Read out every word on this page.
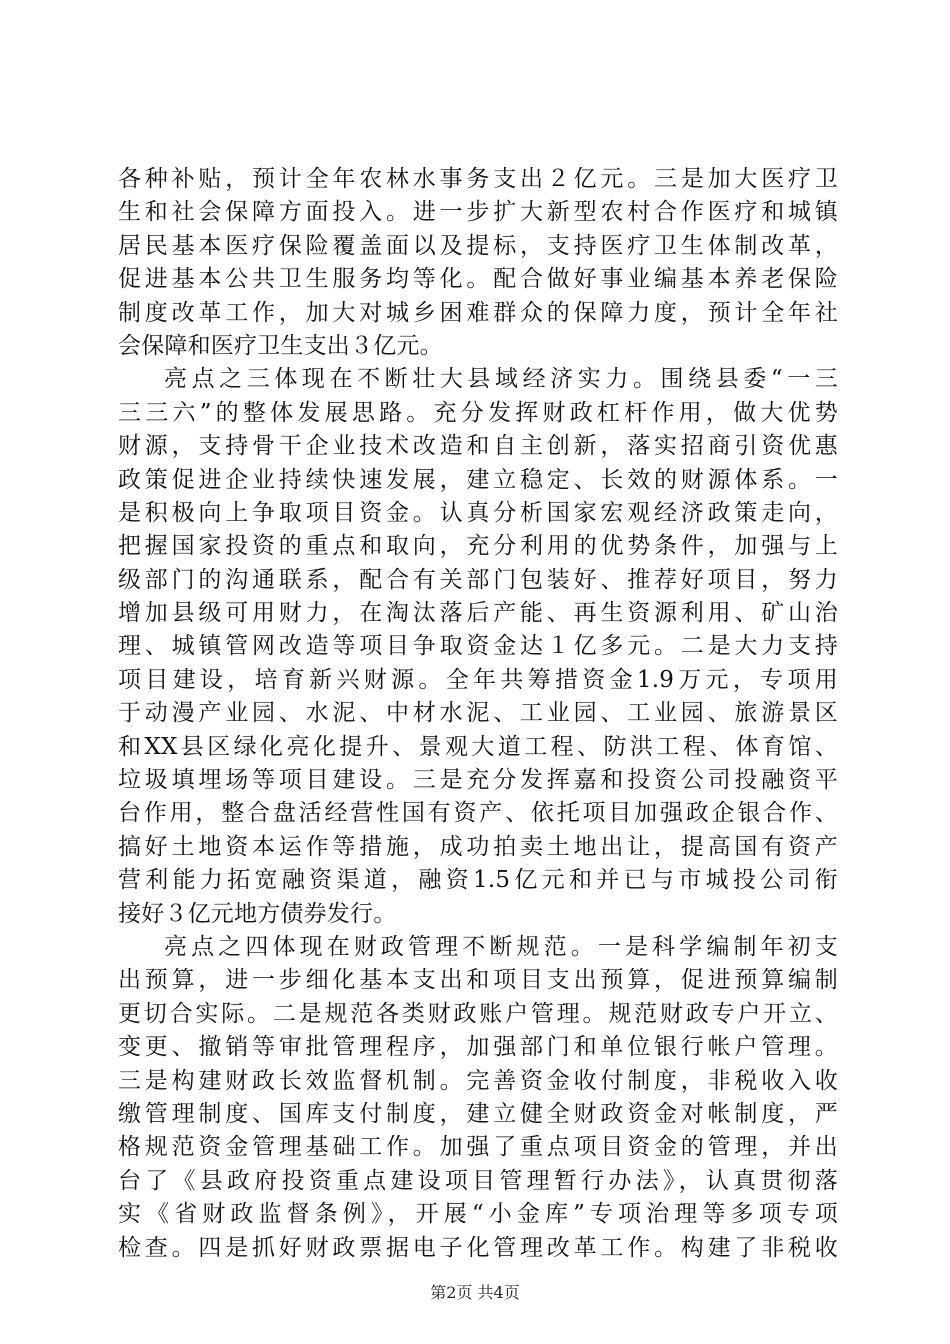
各种补贴，预计全年农林水事务支出２亿元。三是加大医疗卫
生和社会保障方面投入。进一步扩大新型农村合作医疗和城镇
居民基本医疗保险覆盖面以及提标，支持医疗卫生体制改革，
促进基本公共卫生服务均等化。配合做好事业编基本养老保险
制度改革工作，加大对城乡困难群众的保障力度，预计全年社
会保障和医疗卫生支出３亿元。
亮点之三体现在不断壮大县域经济实力。围绕县委“一三
三三六”的整体发展思路。充分发挥财政杠杆作用，做大优势
财源，支持骨干企业技术改造和自主创新，落实招商引资优惠
政策促进企业持续快速发展，建立稳定、长效的财源体系。一
是积极向上争取项目资金。认真分析国家宏观经济政策走向，
把握国家投资的重点和取向，充分利用的优势条件，加强与上
级部门的沟通联系，配合有关部门包装好、推荐好项目，努力
增加县级可用财力，在淘汰落后产能、再生资源利用、矿山治
理、城镇管网改造等项目争取资金达１亿多元。二是大力支持
项目建设，培育新兴财源。全年共筹措资金1.9万元，专项用
于动漫产业园、水泥、中材水泥、工业园、工业园、旅游景区
和XX县区绿化亮化提升、景观大道工程、防洪工程、体育馆、
垃圾填埋场等项目建设。三是充分发挥嘉和投资公司投融资平
台作用，整合盘活经营性国有资产、依托项目加强政企银合作、
搞好土地资本运作等措施，成功拍卖土地出让，提高国有资产
营利能力拓宽融资渠道，融资1.5亿元和并已与市城投公司衔
接好３亿元地方债券发行。
亮点之四体现在财政管理不断规范。一是科学编制年初支
出预算，进一步细化基本支出和项目支出预算，促进预算编制
更切合实际。二是规范各类财政账户管理。规范财政专户开立、
变更、撤销等审批管理程序，加强部门和单位银行帐户管理。
三是构建财政长效监督机制。完善资金收付制度，非税收入收
缴管理制度、国库支付制度，建立健全财政资金对帐制度，严
格规范资金管理基础工作。加强了重点项目资金的管理，并出
台了《县政府投资重点建设项目管理暂行办法》，认真贯彻落
实《省财政监督条例》，开展“小金库”专项治理等多项专项
检查。四是抓好财政票据电子化管理改革工作。构建了非税收
第2页 共4页
